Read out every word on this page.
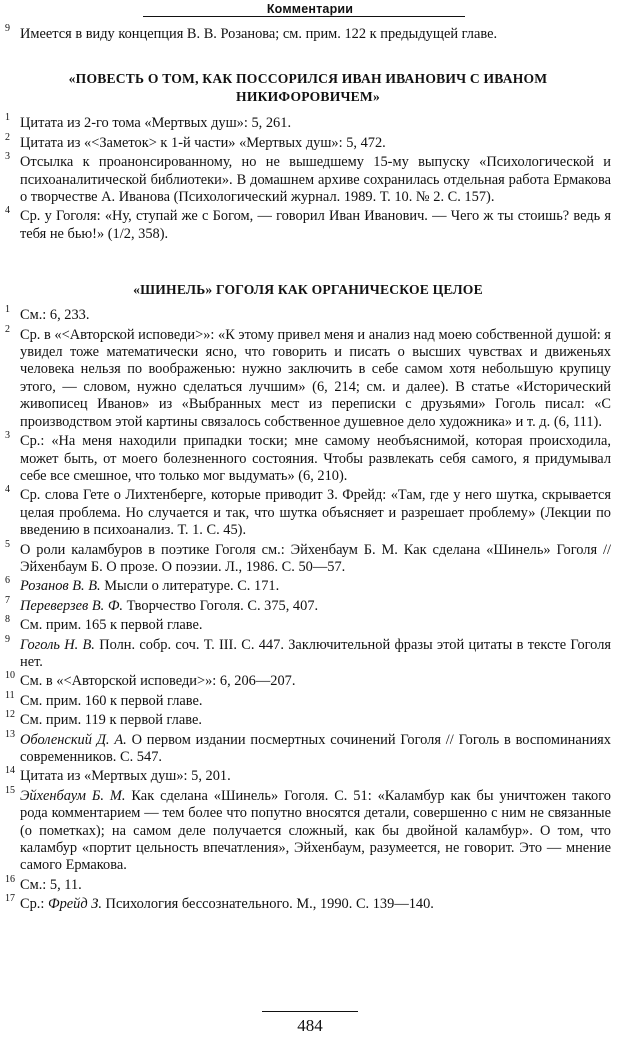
Комментарии
9 Имеется в виду концепция В. В. Розанова; см. прим. 122 к предыдущей главе.
«ПОВЕСТЬ О ТОМ, КАК ПОССОРИЛСЯ ИВАН ИВАНОВИЧ С ИВАНОМ НИКИФОРОВИЧЕМ»
1 Цитата из 2-го тома «Мертвых душ»: 5, 261.
2 Цитата из «<Заметок> к 1-й части» «Мертвых душ»: 5, 472.
3 Отсылка к проанонсированному, но не вышедшему 15-му выпуску «Психологической и психоаналитической библиотеки». В домашнем архиве сохранилась отдельная работа Ермакова о творчестве А. Иванова (Психологический журнал. 1989. Т. 10. № 2. С. 157).
4 Ср. у Гоголя: «Ну, ступай же с Богом, — говорил Иван Иванович. — Чего ж ты стоишь? ведь я тебя не бью!» (1/2, 358).
«ШИНЕЛЬ» ГОГОЛЯ КАК ОРГАНИЧЕСКОЕ ЦЕЛОЕ
1 См.: 6, 233.
2 Ср. в «<Авторской исповеди>»: «К этому привел меня и анализ над моею собственной душой: я увидел тоже математически ясно, что говорить и писать о высших чувствах и движеньях человека нельзя по воображенью: нужно заключить в себе самом хотя небольшую крупицу этого, — словом, нужно сделаться лучшим» (6, 214; см. и далее). В статье «Исторический живописец Иванов» из «Выбранных мест из переписки с друзьями» Гоголь писал: «С производством этой картины связалось собственное душевное дело художника» и т. д. (6, 111).
3 Ср.: «На меня находили припадки тоски; мне самому необъяснимой, которая происходила, может быть, от моего болезненного состояния. Чтобы развлекать себя самого, я придумывал себе все смешное, что только мог выдумать» (6, 210).
4 Ср. слова Гете о Лихтенберге, которые приводит З. Фрейд: «Там, где у него шутка, скрывается целая проблема. Но случается и так, что шутка объясняет и разрешает проблему» (Лекции по введению в психоанализ. Т. 1. С. 45).
5 О роли каламбуров в поэтике Гоголя см.: Эйхенбаум Б. М. Как сделана «Шинель» Гоголя // Эйхенбаум Б. О прозе. О поэзии. Л., 1986. С. 50—57.
6 Розанов В. В. Мысли о литературе. С. 171.
7 Переверзев В. Ф. Творчество Гоголя. С. 375, 407.
8 См. прим. 165 к первой главе.
9 Гоголь Н. В. Полн. собр. соч. Т. III. С. 447. Заключительной фразы этой цитаты в тексте Гоголя нет.
10 См. в «<Авторской исповеди>»: 6, 206—207.
11 См. прим. 160 к первой главе.
12 См. прим. 119 к первой главе.
13 Оболенский Д. А. О первом издании посмертных сочинений Гоголя // Гоголь в воспоминаниях современников. С. 547.
14 Цитата из «Мертвых душ»: 5, 201.
15 Эйхенбаум Б. М. Как сделана «Шинель» Гоголя. С. 51: «Каламбур как бы уничтожен такого рода комментарием — тем более что попутно вносятся детали, совершенно с ним не связанные (о пометках); на самом деле получается сложный, как бы двойной каламбур». О том, что каламбур «портит цельность впечатления», Эйхенбаум, разумеется, не говорит. Это — мнение самого Ермакова.
16 См.: 5, 11.
17 Ср.: Фрейд З. Психология бессознательного. М., 1990. С. 139—140.
484
